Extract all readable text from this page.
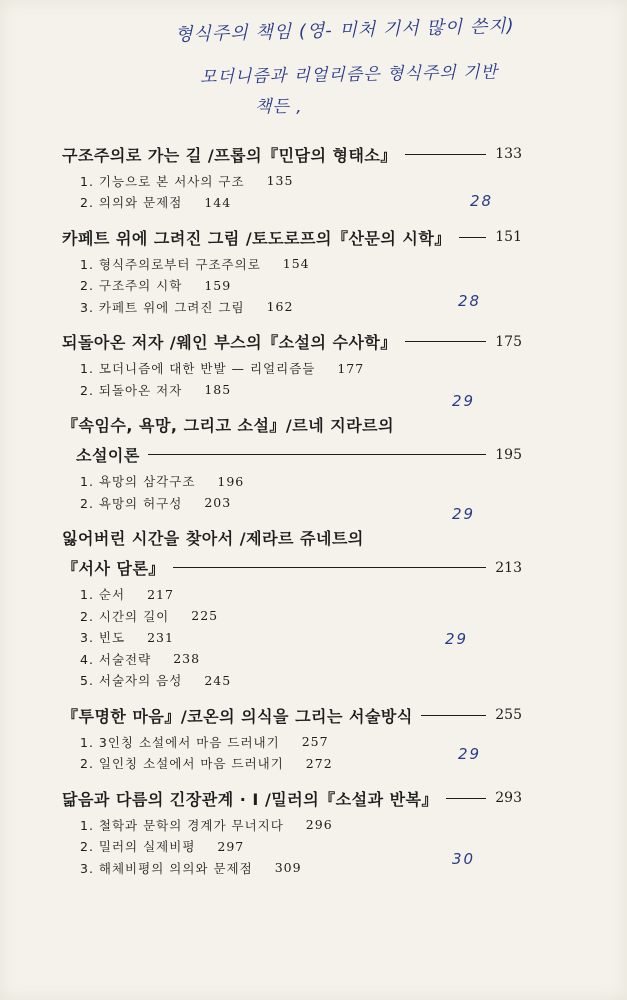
형식주의 책임 (영- 미처 기서 많이 쓴지)
모더니즘과 리얼리즘은 형식주의 기반
책든 ,
구조주의로 가는 길 /프롭의『민담의 형태소』	133
1. 기능으로 본 서사의 구조 135
2. 의의와 문제점 144
카페트 위에 그려진 그림 /토도로프의『산문의 시학』	151
1. 형식주의로부터 구조주의로 154
2. 구조주의 시학 159
3. 카페트 위에 그려진 그림 162
되돌아온 저자 /웨인 부스의『소설의 수사학』	175
1. 모더니즘에 대한 반발 — 리얼리즘들 177
2. 되돌아온 저자 185
『속임수, 욕망, 그리고 소설』/르네 지라르의
소설이론	195
1. 욕망의 삼각구조 196
2. 욕망의 허구성 203
잃어버린 시간을 찾아서 /제라르 쥬네트의
『서사 담론』	213
1. 순서 217
2. 시간의 길이 225
3. 빈도 231
4. 서술전략 238
5. 서술자의 음성 245
『투명한 마음』/코온의 의식을 그리는 서술방식	255
1. 3인칭 소설에서 마음 드러내기 257
2. 일인칭 소설에서 마음 드러내기 272
닮음과 다름의 긴장관계 · I /밀러의『소설과 반복』	293
1. 철학과 문학의 경계가 무너지다 296
2. 밀러의 실제비평 297
3. 해체비평의 의의와 문제점 309
28
28
29
29
29
29
30
